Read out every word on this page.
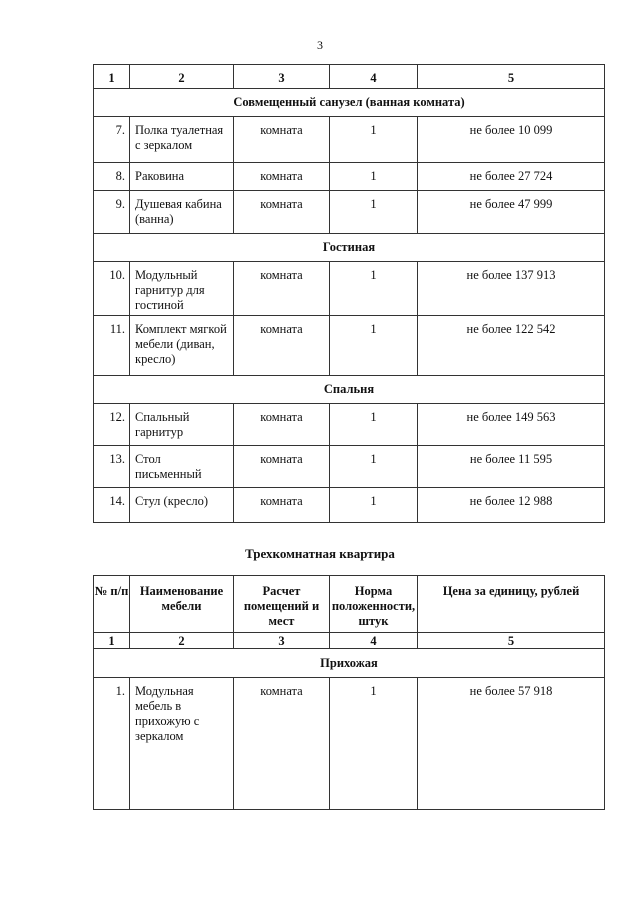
3
1	2	3	4	5
Совмещенный санузел (ванная комната)				
7.	Полка туалетная с зеркалом	комната	1	не более 10 099
8.	Раковина	комната	1	не более 27 724
9.	Душевая кабина (ванна)	комната	1	не более 47 999
Гостиная				
10.	Модульный гарнитур для гостиной	комната	1	не более 137 913
11.	Комплект мягкой мебели (диван, кресло)	комната	1	не более 122 542
Спальня				
12.	Спальный гарнитур	комната	1	не более 149 563
13.	Стол письменный	комната	1	не более 11 595
14.	Стул (кресло)	комната	1	не более 12 988
Трехкомнатная квартира
№ п/п	Наименование мебели	Расчет помещений и мест	Норма положенности, штук	Цена за единицу, рублей
1	2	3	4	5
Прихожая				
1.	Модульная мебель в прихожую с зеркалом	комната	1	не более 57 918
